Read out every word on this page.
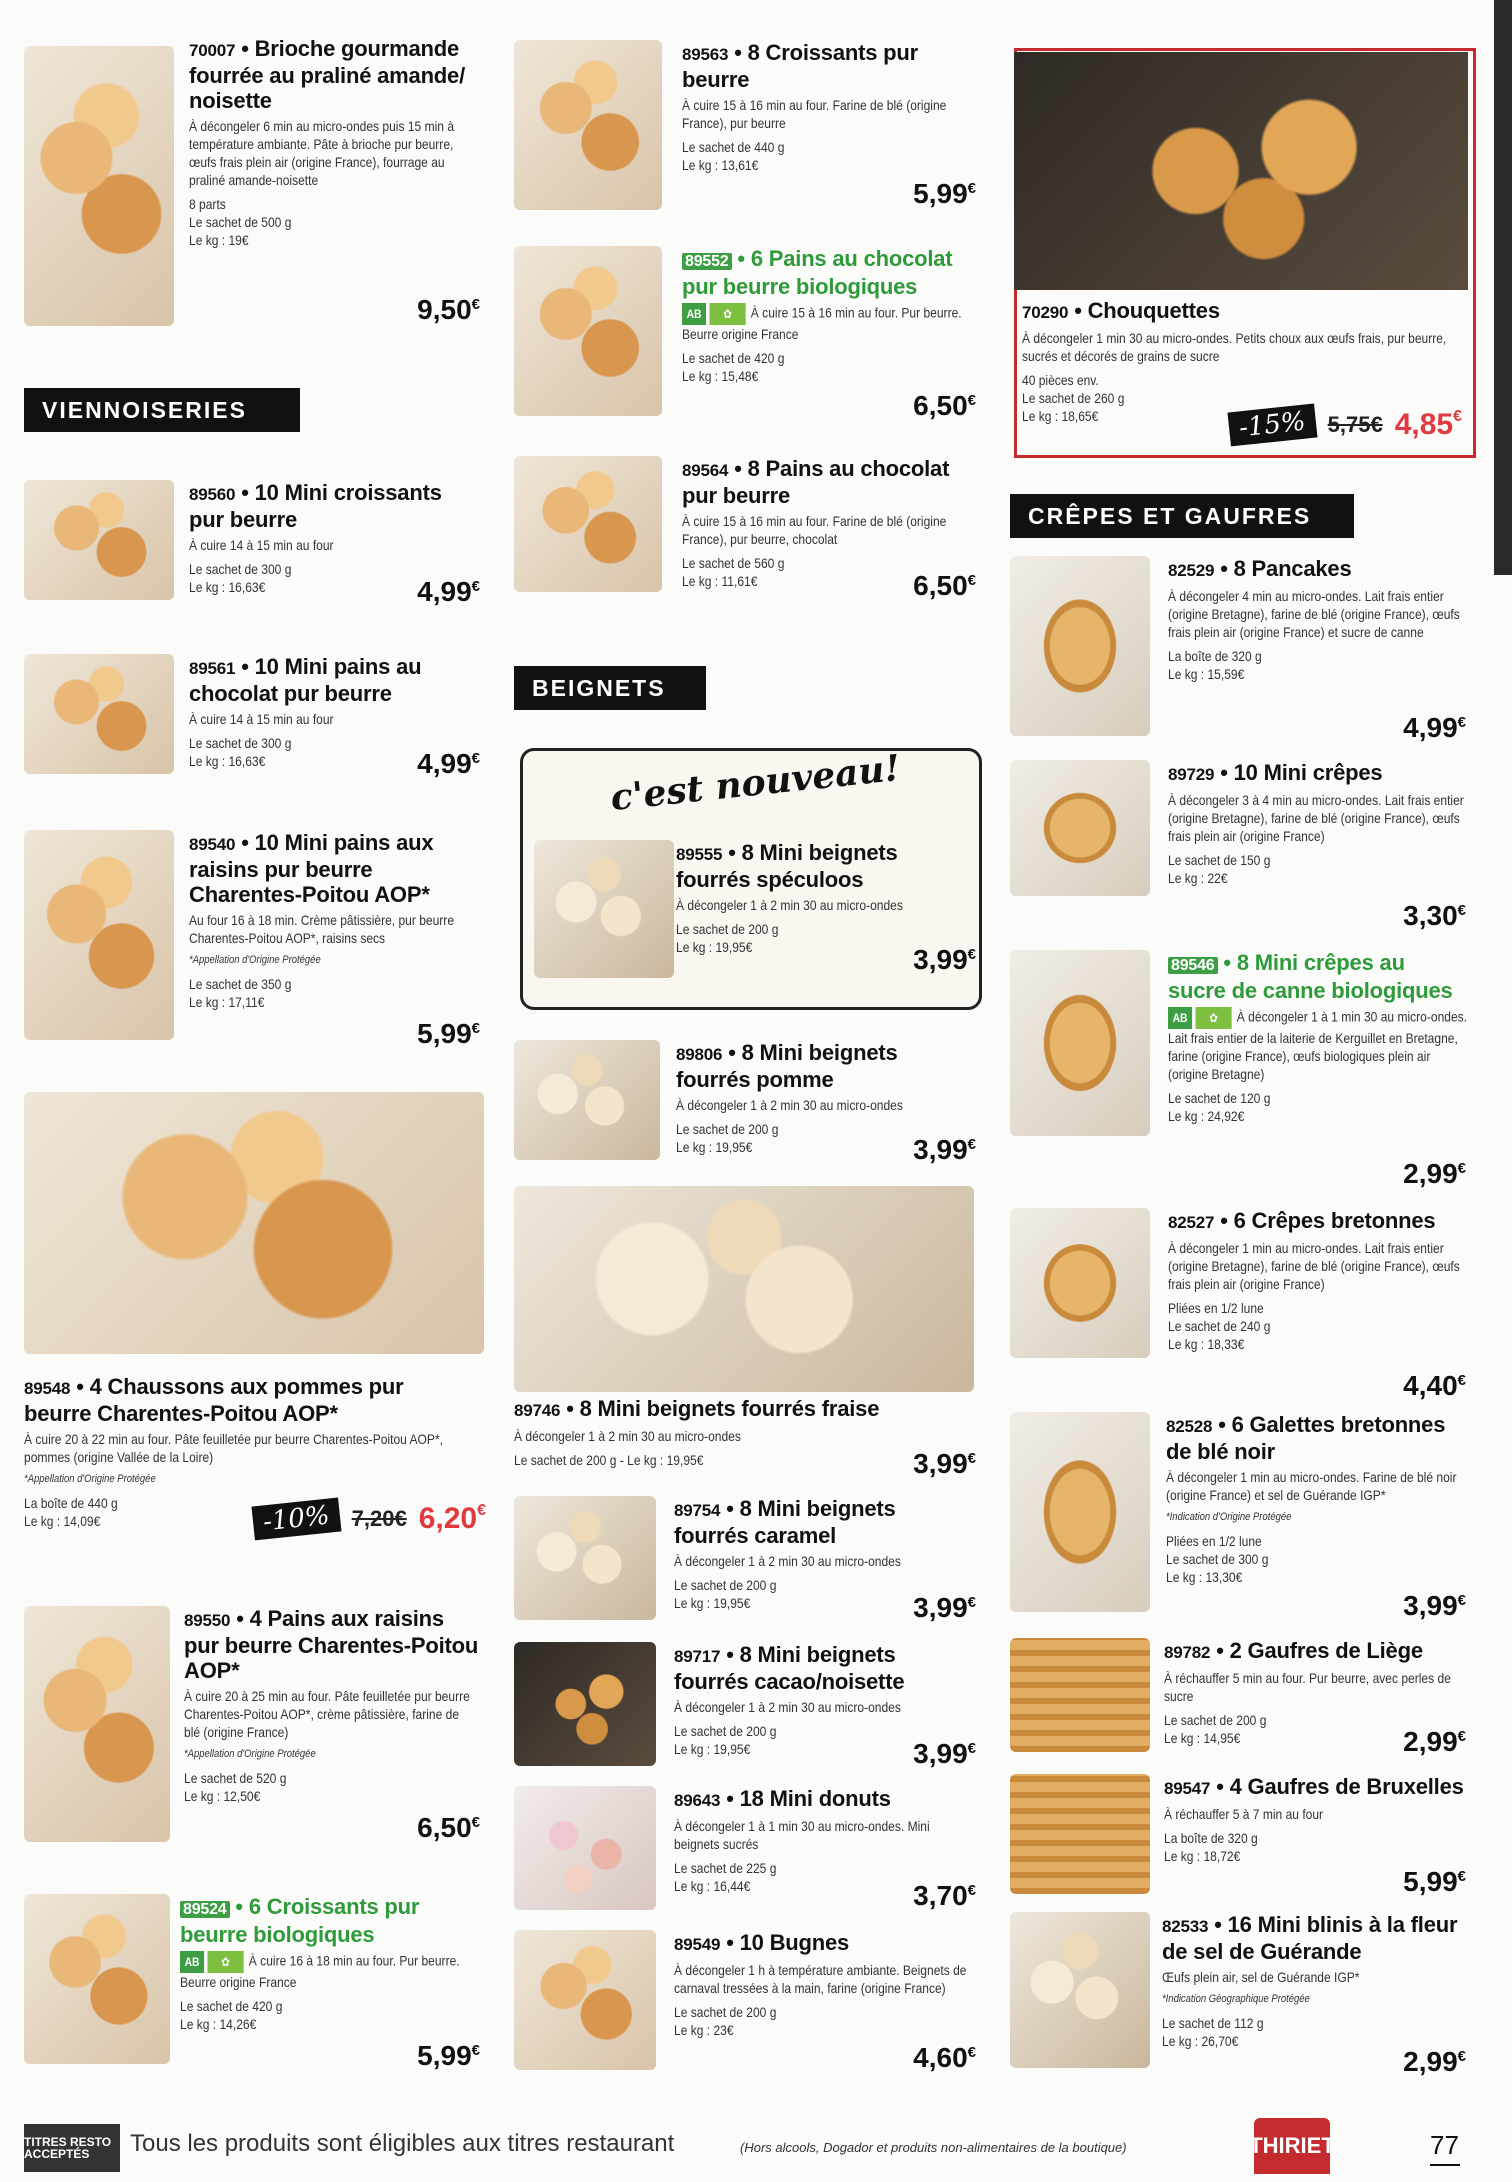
70007 • Brioche gourmande fourrée au praliné amande/ noisette
À décongeler 6 min au micro-ondes puis 15 min à température ambiante. Pâte à brioche pur beurre, œufs frais plein air (origine France), fourrage au praliné amande-noisette
8 parts
Le sachet de 500 g
Le kg : 19€
9,50€
VIENNOISERIES
89560 • 10 Mini croissants pur beurre
À cuire 14 à 15 min au four
Le sachet de 300 g
Le kg : 16,63€	4,99€
89561 • 10 Mini pains au chocolat pur beurre
À cuire 14 à 15 min au four
Le sachet de 300 g
Le kg : 16,63€	4,99€
89540 • 10 Mini pains aux raisins pur beurre Charentes-Poitou AOP*
Au four 16 à 18 min. Crème pâtissière, pur beurre Charentes-Poitou AOP*, raisins secs
*Appellation d'Origine Protégée
Le sachet de 350 g
Le kg : 17,11€
5,99€
89548 • 4 Chaussons aux pommes pur beurre Charentes-Poitou AOP*
À cuire 20 à 22 min au four. Pâte feuilletée pur beurre Charentes-Poitou AOP*, pommes (origine Vallée de la Loire)
*Appellation d'Origine Protégée
La boîte de 440 g
Le kg : 14,09€	-10% 7,20€ 6,20€
89550 • 4 Pains aux raisins pur beurre Charentes-Poitou AOP*
À cuire 20 à 25 min au four. Pâte feuilletée pur beurre Charentes-Poitou AOP*, crème pâtissière, farine de blé (origine France)
*Appellation d'Origine Protégée
Le sachet de 520 g
Le kg : 12,50€
6,50€
89524 • 6 Croissants pur beurre biologiques
AB	✿	À cuire 16 à 18 min au four. Pur beurre. Beurre origine France
Le sachet de 420 g
Le kg : 14,26€
5,99€
89563 • 8 Croissants pur beurre
À cuire 15 à 16 min au four. Farine de blé (origine France), pur beurre
Le sachet de 440 g
Le kg : 13,61€
5,99€
89552 • 6 Pains au chocolat pur beurre biologiques
AB	✿	À cuire 15 à 16 min au four. Pur beurre. Beurre origine France
Le sachet de 420 g
Le kg : 15,48€
6,50€
89564 • 8 Pains au chocolat pur beurre
À cuire 15 à 16 min au four. Farine de blé (origine France), pur beurre, chocolat
Le sachet de 560 g
Le kg : 11,61€	6,50€
BEIGNETS
c'est nouveau!
89555 • 8 Mini beignets fourrés spéculoos
À décongeler 1 à 2 min 30 au micro-ondes
Le sachet de 200 g
Le kg : 19,95€	3,99€
89806 • 8 Mini beignets fourrés pomme
À décongeler 1 à 2 min 30 au micro-ondes
Le sachet de 200 g
Le kg : 19,95€	3,99€
89746 • 8 Mini beignets fourrés fraise
À décongeler 1 à 2 min 30 au micro-ondes
Le sachet de 200 g - Le kg : 19,95€	3,99€
89754 • 8 Mini beignets fourrés caramel
À décongeler 1 à 2 min 30 au micro-ondes
Le sachet de 200 g
Le kg : 19,95€	3,99€
89717 • 8 Mini beignets fourrés cacao/noisette
À décongeler 1 à 2 min 30 au micro-ondes
Le sachet de 200 g
Le kg : 19,95€	3,99€
89643 • 18 Mini donuts
À décongeler 1 à 1 min 30 au micro-ondes. Mini beignets sucrés
Le sachet de 225 g
Le kg : 16,44€	3,70€
89549 • 10 Bugnes
À décongeler 1 h à température ambiante. Beignets de carnaval tressées à la main, farine (origine France)
Le sachet de 200 g
Le kg : 23€
4,60€
70290 • Chouquettes
À décongeler 1 min 30 au micro-ondes. Petits choux aux œufs frais, pur beurre, sucrés et décorés de grains de sucre
40 pièces env.
Le sachet de 260 g
Le kg : 18,65€	-15% 5,75€ 4,85€
CRÊPES ET GAUFRES
82529 • 8 Pancakes
À décongeler 4 min au micro-ondes. Lait frais entier (origine Bretagne), farine de blé (origine France), œufs frais plein air (origine France) et sucre de canne
La boîte de 320 g
Le kg : 15,59€
4,99€
89729 • 10 Mini crêpes
À décongeler 3 à 4 min au micro-ondes. Lait frais entier (origine Bretagne), farine de blé (origine France), œufs frais plein air (origine France)
Le sachet de 150 g
Le kg : 22€
3,30€
89546 • 8 Mini crêpes au sucre de canne biologiques
AB	✿	À décongeler 1 à 1 min 30 au micro-ondes. Lait frais entier de la laiterie de Kerguillet en Bretagne, farine (origine France), œufs biologiques plein air (origine Bretagne)
Le sachet de 120 g
Le kg : 24,92€
2,99€
82527 • 6 Crêpes bretonnes
À décongeler 1 min au micro-ondes. Lait frais entier (origine Bretagne), farine de blé (origine France), œufs frais plein air (origine France)
Pliées en 1/2 lune
Le sachet de 240 g
Le kg : 18,33€
4,40€
82528 • 6 Galettes bretonnes de blé noir
À décongeler 1 min au micro-ondes. Farine de blé noir (origine France) et sel de Guérande IGP*
*Indication d'Origine Protégée
Pliées en 1/2 lune
Le sachet de 300 g
Le kg : 13,30€
3,99€
89782 • 2 Gaufres de Liège
À réchauffer 5 min au four. Pur beurre, avec perles de sucre
Le sachet de 200 g
Le kg : 14,95€	2,99€
89547 • 4 Gaufres de Bruxelles
À réchauffer 5 à 7 min au four
La boîte de 320 g
Le kg : 18,72€
5,99€
82533 • 16 Mini blinis à la fleur de sel de Guérande
Œufs plein air, sel de Guérande IGP*
*Indication Géographique Protégée
Le sachet de 112 g
Le kg : 26,70€
2,99€
TITRES RESTO ACCEPTÉS	Tous les produits sont éligibles aux titres restaurant	(Hors alcools, Dogador et produits non-alimentaires de la boutique)	THIRIET	77
